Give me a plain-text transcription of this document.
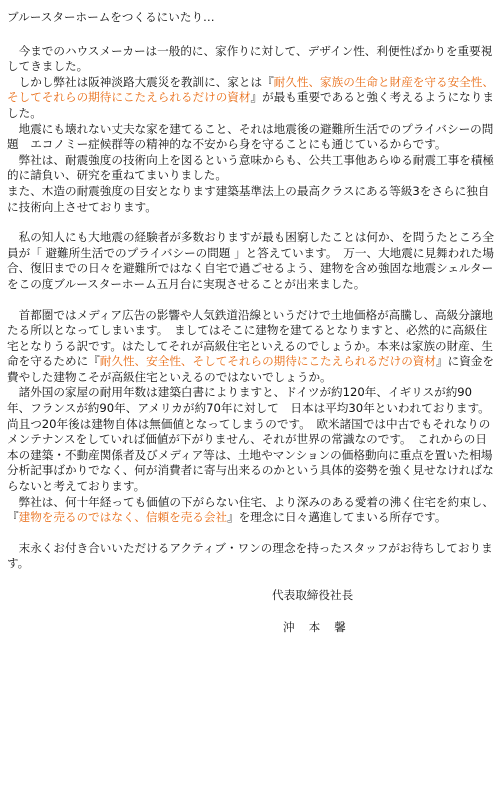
ブルースターホームをつくるにいたり…

　今までのハウスメーカーは一般的に、家作りに対して、デザイン性、利便性ばかりを重要視してきました。

　しかし弊社は阪神淡路大震災を教訓に、家とは『耐久性、家族の生命と財産を守る安全性、そしてそれらの期待にこたえられるだけの資材』が最も重要であると強く考えるようになりました。

　地震にも壊れない丈夫な家を建てること、それは地震後の避難所生活でのプライバシーの問題　エコノミー症候群等の精神的な不安から身を守ることにも通じているからです。

　弊社は、耐震強度の技術向上を図るという意味からも、公共工事他あらゆる耐震工事を積極的に請負い、研究を重ねてまいりました。

また、木造の耐震強度の目安となります建築基準法上の最高クラスにある等級3をさらに独自に技術向上させております。

　私の知人にも大地震の経験者が多数おりますが最も困窮したことは何か、を問うたところ全員が「 避難所生活でのプライバシーの問題 」と答えています。　万一、大地震に見舞われた場合、復旧までの日々を避難所ではなく自宅で過ごせるよう、建物を含め強固な地震シェルターをこの度ブルースターホーム五月台に実現させることが出来ました。

　首都圏ではメディア広告の影響や人気鉄道沿線というだけで土地価格が高騰し、高級分譲地たる所以となってしまいます。　ましてはそこに建物を建てるとなりますと、必然的に高級住宅となりうる訳です。はたしてそれが高級住宅といえるのでしょうか。本来は家族の財産、生命を守るために『耐久性、安全性、そしてそれらの期待にこたえられるだけの資材』に資金を費やした建物こそが高級住宅といえるのではないでしょうか。

　諸外国の家屋の耐用年数は建築白書によりますと、ドイツが約120年、イギリスが約90年、フランスが約90年、アメリカが約70年に対して　日本は平均30年といわれております。　尚且つ20年後は建物自体は無価値となってしまうのです。　欧米諸国では中古でもそれなりのメンテナンスをしていれば価値が下がりません、それが世界の常識なのです。　これからの日本の建築・不動産関係者及びメディア等は、土地やマンションの価格動向に重点を置いた相場分析記事ばかりでなく、何が消費者に寄与出来るのかという具体的姿勢を強く見せなければならないと考えております。

　弊社は、何十年経っても価値の下がらない住宅、より深みのある愛着の沸く住宅を約束し、『建物を売るのではなく、信頼を売る会社』を理念に日々邁進してまいる所存です。

　末永くお付き合いいただけるアクティブ・ワンの理念を持ったスタッフがお待ちしております。

代表取締役社長
沖本馨
